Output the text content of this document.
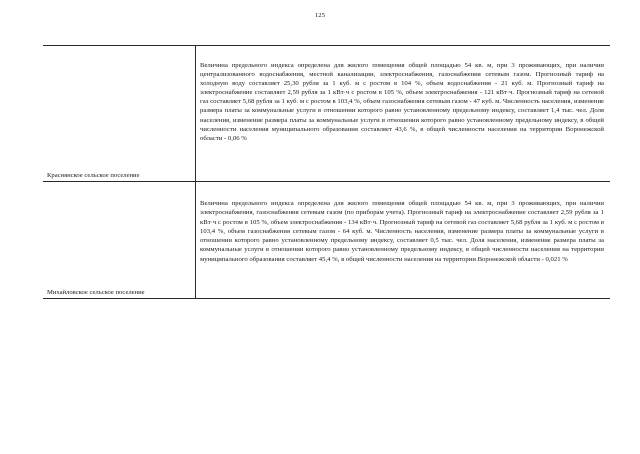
125
Краснянское сельское поселение
Величина предельного индекса определена для жилого помещения общей площадью 54 кв. м, при 3 проживающих, при наличии централизованного водоснабжения, местной канализации, электроснабжения, газоснабжения сетевым газом. Прогнозный тариф на холодную воду составляет 25,30 рубля за 1 куб. м с ростом в 104 %, объем водоснабжения - 21 куб. м. Прогнозный тариф на электроснабжение составляет 2,59 рубля за 1 кВт·ч с ростом в 105 %, объем электроснабжения - 121 кВт·ч. Прогнозный тариф на сетевой газ составляет 5,68 рубля за 1 куб. м с ростом в 103,4 %, объем газоснабжения сетевым газом - 47 куб. м. Численность населения, изменение размера платы за коммунальные услуги в отношении которого равно установленному предельному индексу, составляет 1,4 тыс. чел. Доля населения, изменение размера платы за коммунальные услуги в отношении которого равно установленному предельному индексу, в общей численности населения муниципального образования составляет 43,6 %, в общей численности населения на территории Воронежской области - 0,06 %
Михайловское сельское поселение
Величина предельного индекса определена для жилого помещения общей площадью 54 кв. м, при 3 проживающих, при наличии электроснабжения, газоснабжения сетевым газом (по приборам учета). Прогнозный тариф на электроснабжение составляет 2,59 рубля за 1 кВт·ч с ростом в 105 %, объем электроснабжения - 134 кВт·ч. Прогнозный тариф на сетевой газ составляет 5,68 рубля за 1 куб. м с ростом в 103,4 %, объем газоснабжения сетевым газом - 64 куб. м. Численность населения, изменение размера платы за коммунальные услуги в отношении которого равно установленному предельному индексу, составляет 0,5 тыс. чел. Доля населения, изменение размера платы за коммунальные услуги в отношении которого равно установленному предельному индексу, в общей численности населения на территории муниципального образования составляет 45,4 %, в общей численности населения на территории Воронежской области - 0,021 %
